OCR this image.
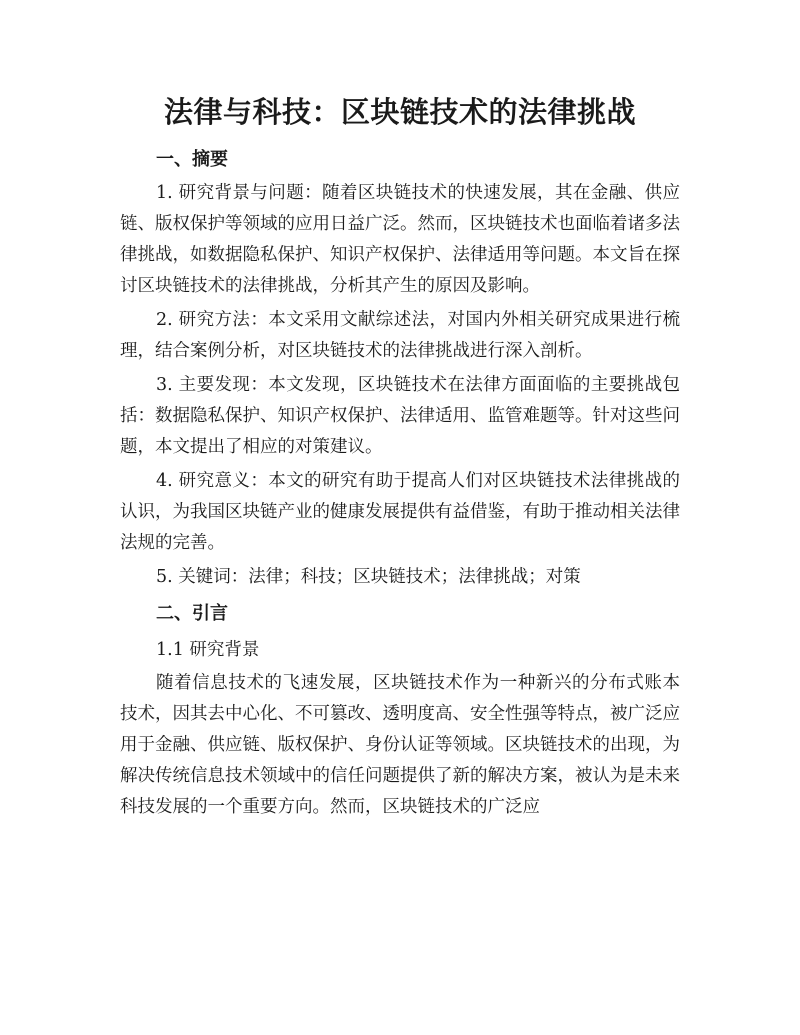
法律与科技：区块链技术的法律挑战
一、摘要

1. 研究背景与问题：随着区块链技术的快速发展，其在金融、供应链、版权保护等领域的应用日益广泛。然而，区块链技术也面临着诸多法律挑战，如数据隐私保护、知识产权保护、法律适用等问题。本文旨在探讨区块链技术的法律挑战，分析其产生的原因及影响。

2. 研究方法：本文采用文献综述法，对国内外相关研究成果进行梳理，结合案例分析，对区块链技术的法律挑战进行深入剖析。

3. 主要发现：本文发现，区块链技术在法律方面面临的主要挑战包括：数据隐私保护、知识产权保护、法律适用、监管难题等。针对这些问题，本文提出了相应的对策建议。

4. 研究意义：本文的研究有助于提高人们对区块链技术法律挑战的认识，为我国区块链产业的健康发展提供有益借鉴，有助于推动相关法律法规的完善。

5. 关键词：法律；科技；区块链技术；法律挑战；对策

二、引言

1.1 研究背景

随着信息技术的飞速发展，区块链技术作为一种新兴的分布式账本技术，因其去中心化、不可篡改、透明度高、安全性强等特点，被广泛应用于金融、供应链、版权保护、身份认证等领域。区块链技术的出现，为解决传统信息技术领域中的信任问题提供了新的解决方案，被认为是未来科技发展的一个重要方向。然而，区块链技术的广泛应
